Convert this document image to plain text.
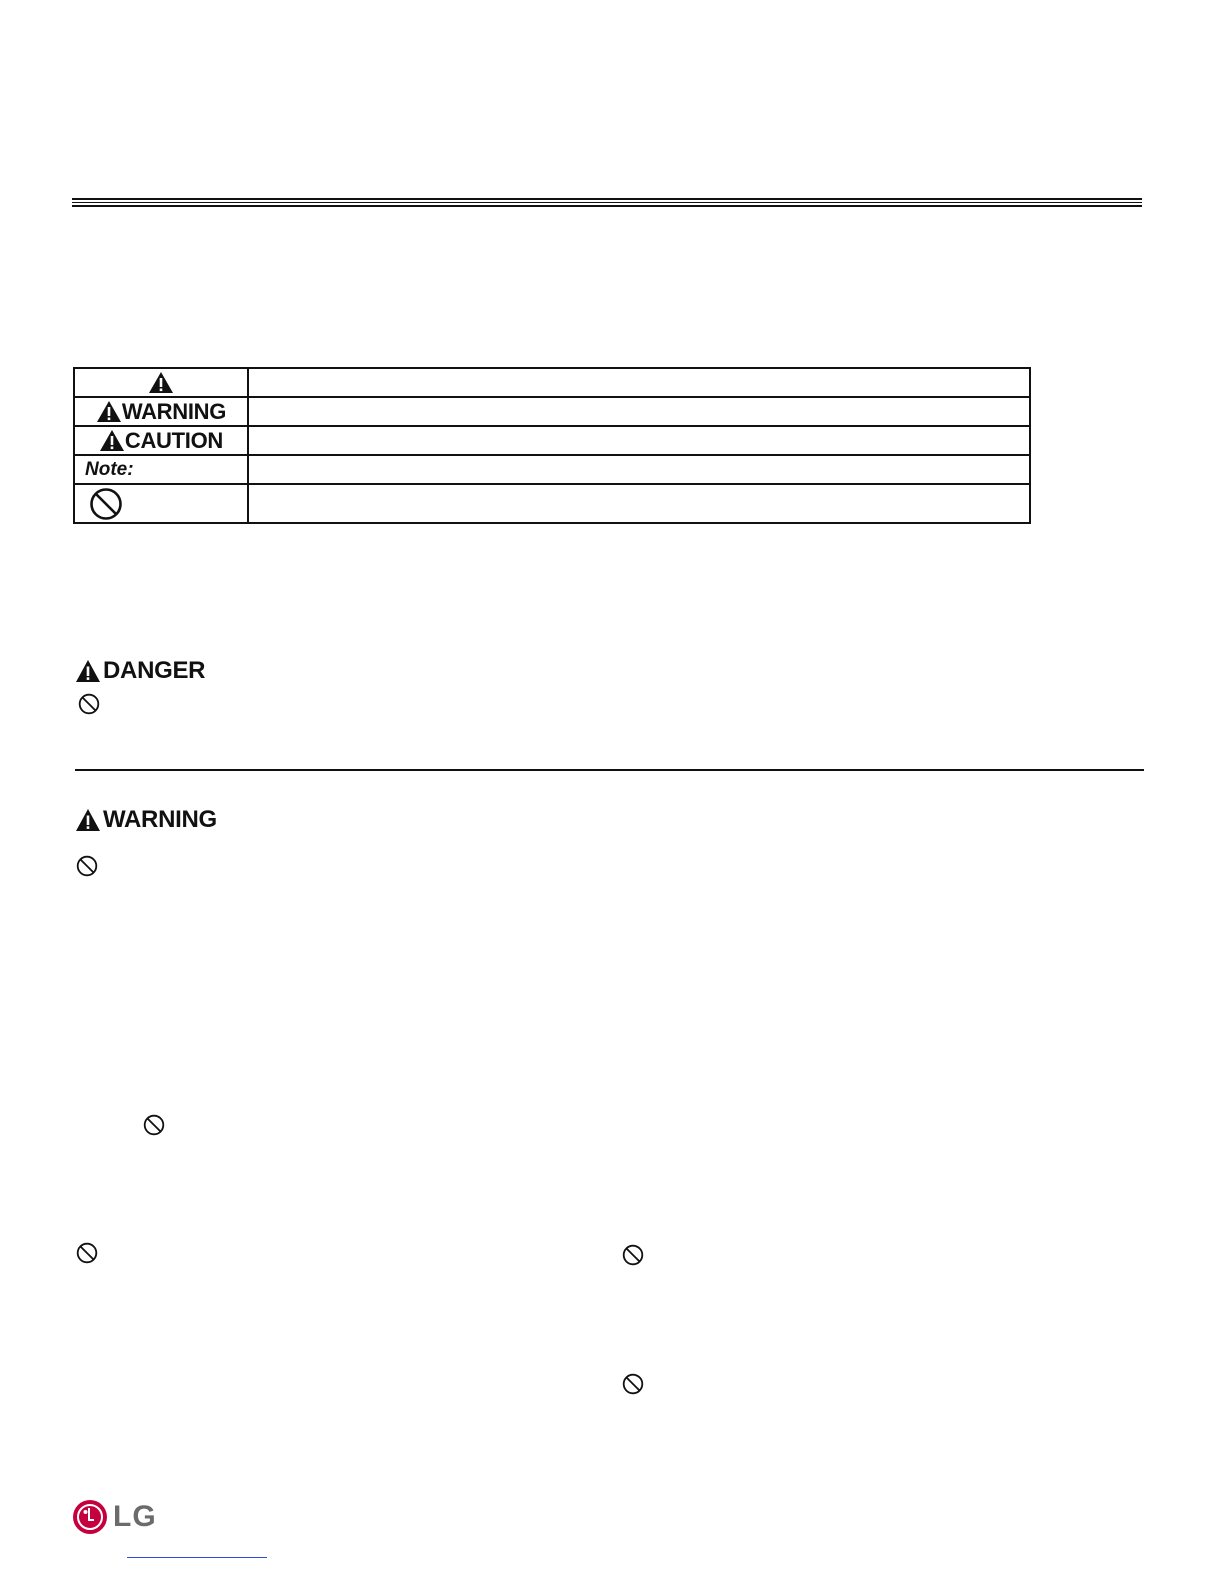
WARNING	

CAUTION	

Note:	

DANGER
WARNING
LG
